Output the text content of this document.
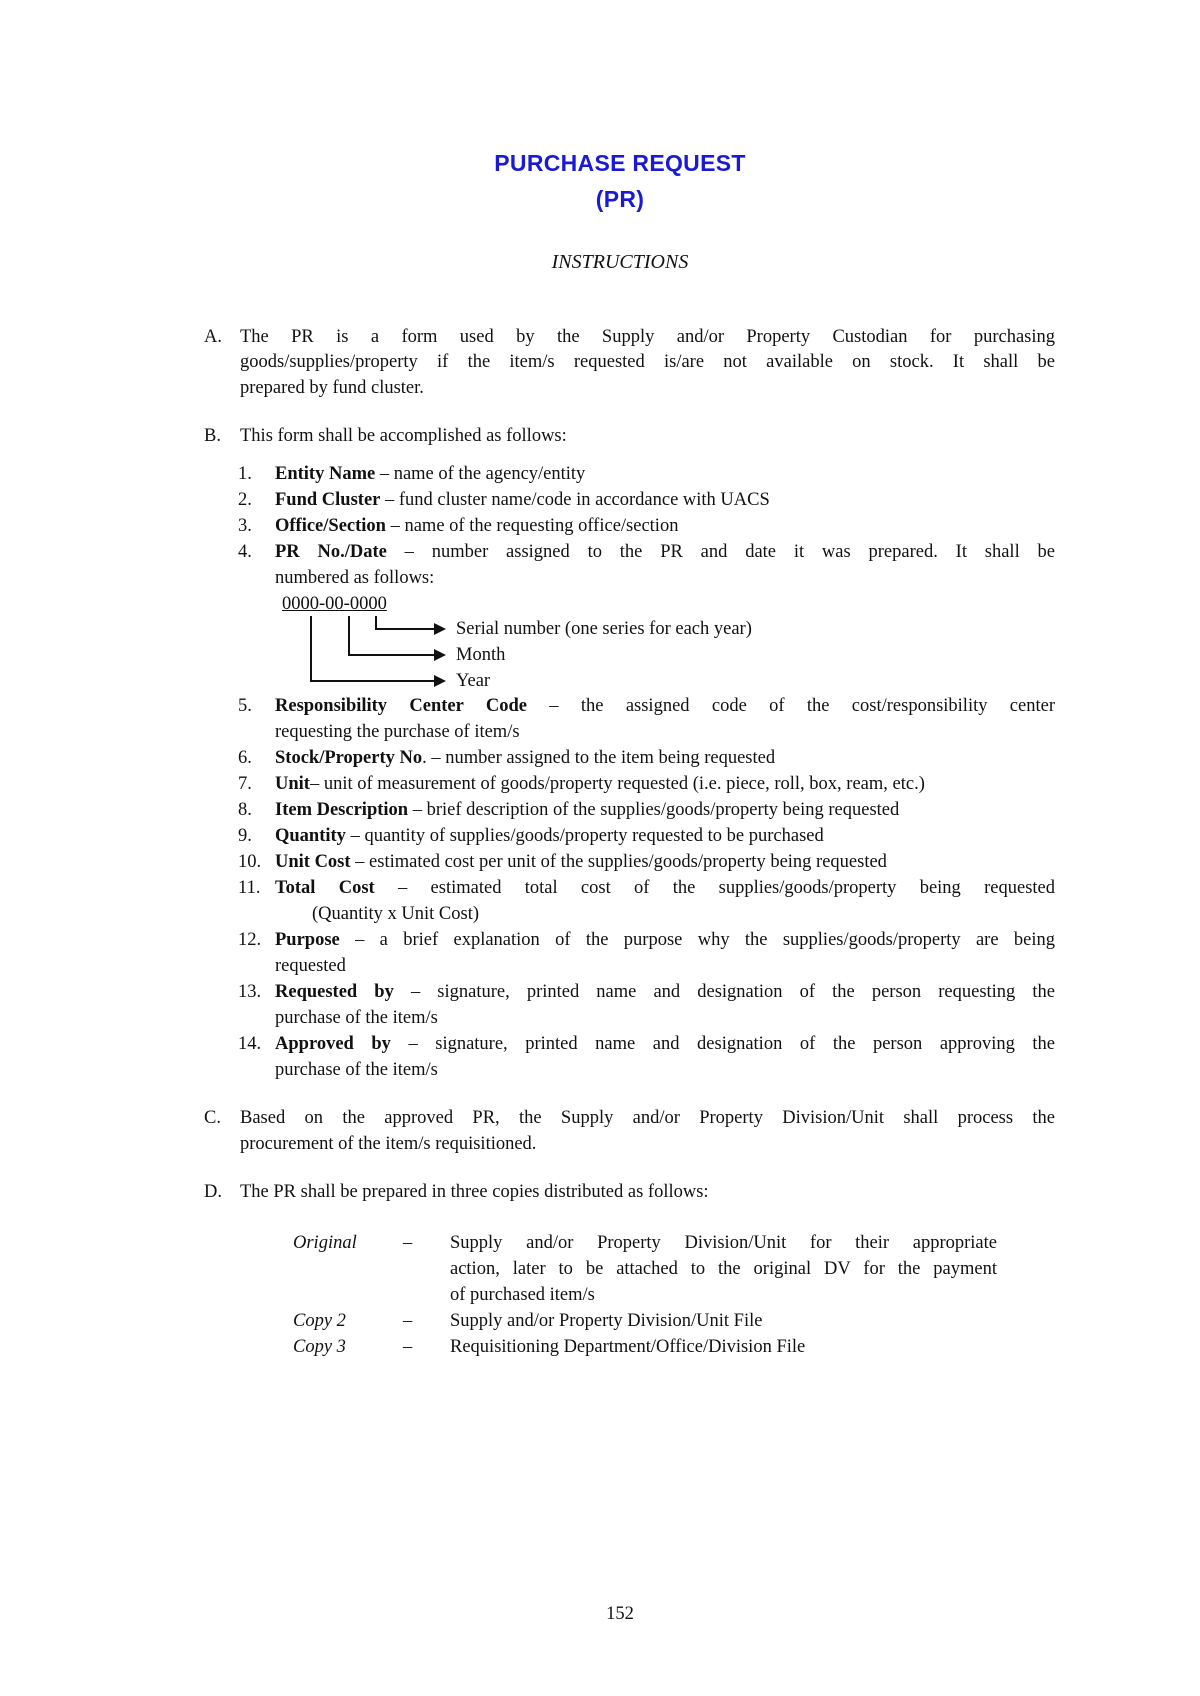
PURCHASE REQUEST
(PR)
INSTRUCTIONS
A. The PR is a form used by the Supply and/or Property Custodian for purchasing
goods/supplies/property if the item/s requested is/are not available on stock. It shall be
prepared by fund cluster.
B. This form shall be accomplished as follows:
1. Entity Name – name of the agency/entity
2. Fund Cluster – fund cluster name/code in accordance with UACS
3. Office/Section – name of the requesting office/section
4. PR No./Date – number assigned to the PR and date it was prepared. It shall be
numbered as follows:
0000-00-0000
Serial number (one series for each year)
Month
Year
5. Responsibility Center Code – the assigned code of the cost/responsibility center
requesting the purchase of item/s
6. Stock/Property No. – number assigned to the item being requested
7. Unit– unit of measurement of goods/property requested (i.e. piece, roll, box, ream, etc.)
8. Item Description – brief description of the supplies/goods/property being requested
9. Quantity – quantity of supplies/goods/property requested to be purchased
10. Unit Cost – estimated cost per unit of the supplies/goods/property being requested
11. Total Cost – estimated total cost of the supplies/goods/property being requested
(Quantity x Unit Cost)
12. Purpose – a brief explanation of the purpose why the supplies/goods/property are being
requested
13. Requested by – signature, printed name and designation of the person requesting the
purchase of the item/s
14. Approved by – signature, printed name and designation of the person approving the
purchase of the item/s
C. Based on the approved PR, the Supply and/or Property Division/Unit shall process the
procurement of the item/s requisitioned.
D. The PR shall be prepared in three copies distributed as follows:
Original	– Supply and/or Property Division/Unit for their appropriate
action, later to be attached to the original DV for the payment
of purchased item/s
Copy 2	– Supply and/or Property Division/Unit File
Copy 3	– Requisitioning Department/Office/Division File
152
